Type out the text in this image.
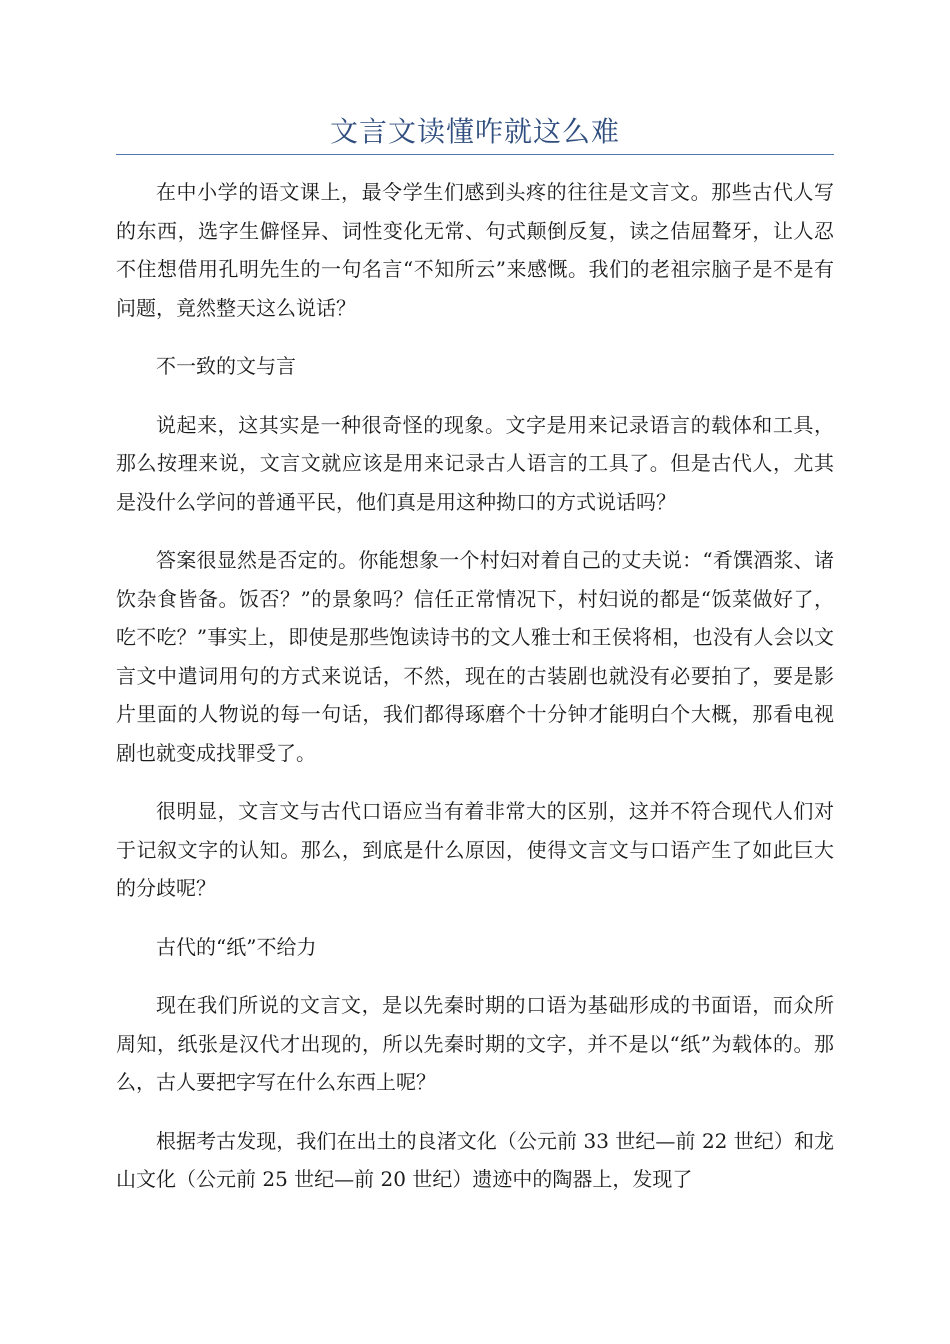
文言文读懂咋就这么难

在中小学的语文课上，最令学生们感到头疼的往往是文言文。那些古代人写的东西，选字生僻怪异、词性变化无常、句式颠倒反复，读之佶屈聱牙，让人忍不住想借用孔明先生的一句名言“不知所云”来感慨。我们的老祖宗脑子是不是有问题，竟然整天这么说话？

不一致的文与言

说起来，这其实是一种很奇怪的现象。文字是用来记录语言的载体和工具，那么按理来说，文言文就应该是用来记录古人语言的工具了。但是古代人，尤其是没什么学问的普通平民，他们真是用这种拗口的方式说话吗？

答案很显然是否定的。你能想象一个村妇对着自己的丈夫说：“肴馔酒浆、诸饮杂食皆备。饭否？”的景象吗？信任正常情况下，村妇说的都是“饭菜做好了，吃不吃？”事实上，即使是那些饱读诗书的文人雅士和王侯将相，也没有人会以文言文中遣词用句的方式来说话，不然，现在的古装剧也就没有必要拍了，要是影片里面的人物说的每一句话，我们都得琢磨个十分钟才能明白个大概，那看电视剧也就变成找罪受了。

很明显，文言文与古代口语应当有着非常大的区别，这并不符合现代人们对于记叙文字的认知。那么，到底是什么原因，使得文言文与口语产生了如此巨大的分歧呢？

古代的“纸”不给力

现在我们所说的文言文，是以先秦时期的口语为基础形成的书面语，而众所周知，纸张是汉代才出现的，所以先秦时期的文字，并不是以“纸”为载体的。那么，古人要把字写在什么东西上呢？

根据考古发现，我们在出土的良渚文化（公元前 33 世纪—前 22 世纪）和龙山文化（公元前 25 世纪—前 20 世纪）遗迹中的陶器上，发现了
